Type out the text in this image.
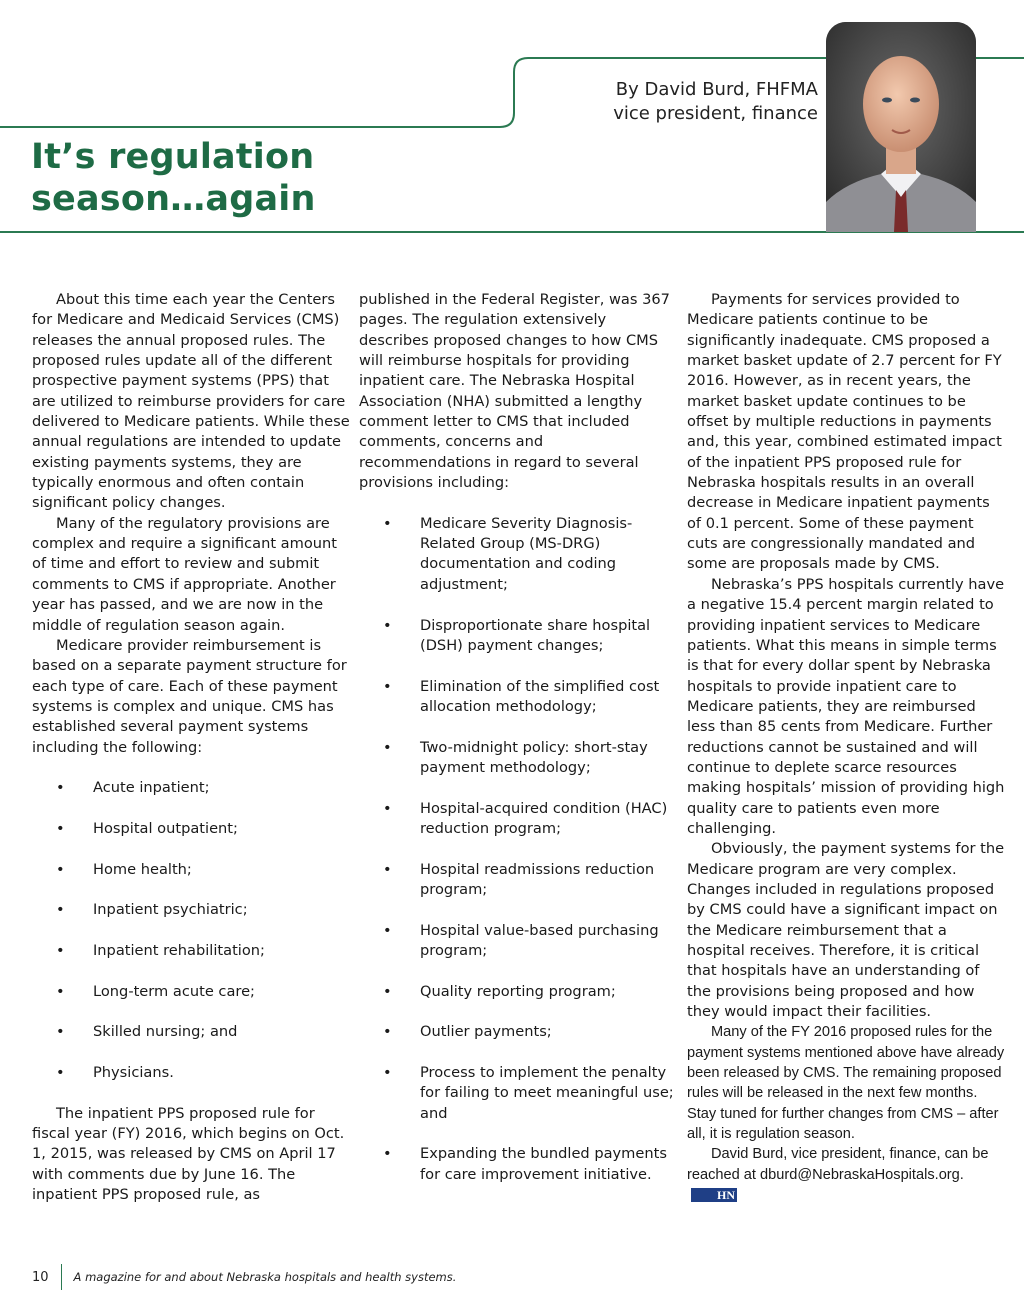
By David Burd, FHFMA
vice president, finance
It’s regulation
season…again

About this time each year the Centers for Medicare and Medicaid Services (CMS) releases the annual proposed rules. The proposed rules update all of the different prospective payment systems (PPS) that are utilized to reimburse providers for care delivered to Medicare patients. While these annual regulations are intended to update existing payments systems, they are typically enormous and often contain significant policy changes.

Many of the regulatory provisions are complex and require a significant amount of time and effort to review and submit comments to CMS if appropriate. Another year has passed, and we are now in the middle of regulation season again.

Medicare provider reimbursement is based on a separate payment structure for each type of care. Each of these payment systems is complex and unique. CMS has established several payment systems including the following:

• Acute inpatient;
• Hospital outpatient;
• Home health;
• Inpatient psychiatric;
• Inpatient rehabilitation;
• Long-term acute care;
• Skilled nursing; and
• Physicians.

The inpatient PPS proposed rule for fiscal year (FY) 2016, which begins on Oct. 1, 2015, was released by CMS on April 17 with comments due by June 16. The inpatient PPS proposed rule, as

published in the Federal Register, was 367 pages. The regulation extensively describes proposed changes to how CMS will reimburse hospitals for providing inpatient care. The Nebraska Hospital Association (NHA) submitted a lengthy comment letter to CMS that included comments, concerns and recommendations in regard to several provisions including:

• Medicare Severity Diagnosis-Related Group (MS-DRG) documentation and coding adjustment;
• Disproportionate share hospital (DSH) payment changes;
• Elimination of the simplified cost allocation methodology;
• Two-midnight policy: short-stay payment methodology;
• Hospital-acquired condition (HAC) reduction program;
• Hospital readmissions reduction program;
• Hospital value-based purchasing program;
• Quality reporting program;
• Outlier payments;
• Process to implement the penalty for failing to meet meaningful use; and
• Expanding the bundled payments for care improvement initiative.

Payments for services provided to Medicare patients continue to be significantly inadequate. CMS proposed a market basket update of 2.7 percent for FY 2016. However, as in recent years, the market basket update continues to be offset by multiple reductions in payments and, this year, combined estimated impact of the inpatient PPS proposed rule for Nebraska hospitals results in an overall decrease in Medicare inpatient payments of 0.1 percent. Some of these payment cuts are congressionally mandated and some are proposals made by CMS.

Nebraska’s PPS hospitals currently have a negative 15.4 percent margin related to providing inpatient services to Medicare patients. What this means in simple terms is that for every dollar spent by Nebraska hospitals to provide inpatient care to Medicare patients, they are reimbursed less than 85 cents from Medicare. Further reductions cannot be sustained and will continue to deplete scarce resources making hospitals’ mission of providing high quality care to patients even more challenging.

Obviously, the payment systems for the Medicare program are very complex. Changes included in regulations proposed by CMS could have a significant impact on the Medicare reimbursement that a hospital receives. Therefore, it is critical that hospitals have an understanding of the provisions being proposed and how they would impact their facilities.

Many of the FY 2016 proposed rules for the payment systems mentioned above have already been released by CMS. The remaining proposed rules will be released in the next few months. Stay tuned for further changes from CMS – after all, it is regulation season.

David Burd, vice president, finance, can be reached at dburd@NebraskaHospitals.org.HN

10 A magazine for and about Nebraska hospitals and health systems.
